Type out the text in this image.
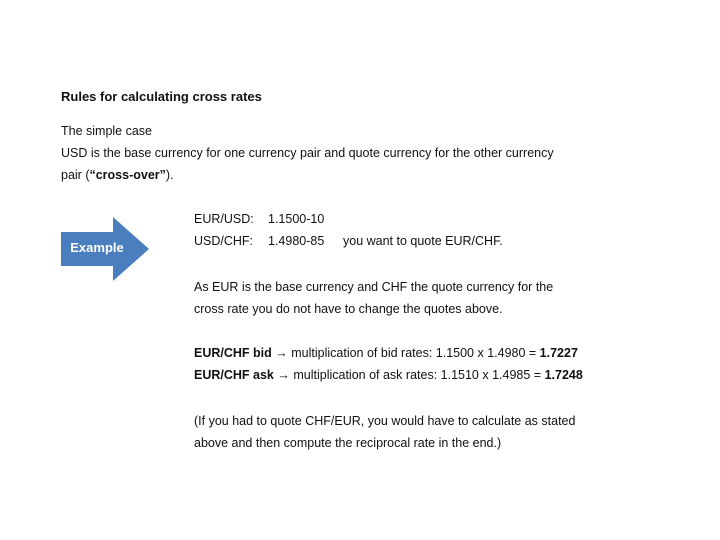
Rules for calculating cross rates
The simple case
USD is the base currency for one currency pair and quote currency for the other currency
pair (“cross-over”).
Example
EUR/USD: 1.1500-10
USD/CHF: 1.4980-85 you want to quote EUR/CHF.
As EUR is the base currency and CHF the quote currency for the
cross rate you do not have to change the quotes above.
EUR/CHF bid → multiplication of bid rates: 1.1500 x 1.4980 = 1.7227
EUR/CHF ask → multiplication of ask rates: 1.1510 x 1.4985 = 1.7248
(If you had to quote CHF/EUR, you would have to calculate as stated
above and then compute the reciprocal rate in the end.)
